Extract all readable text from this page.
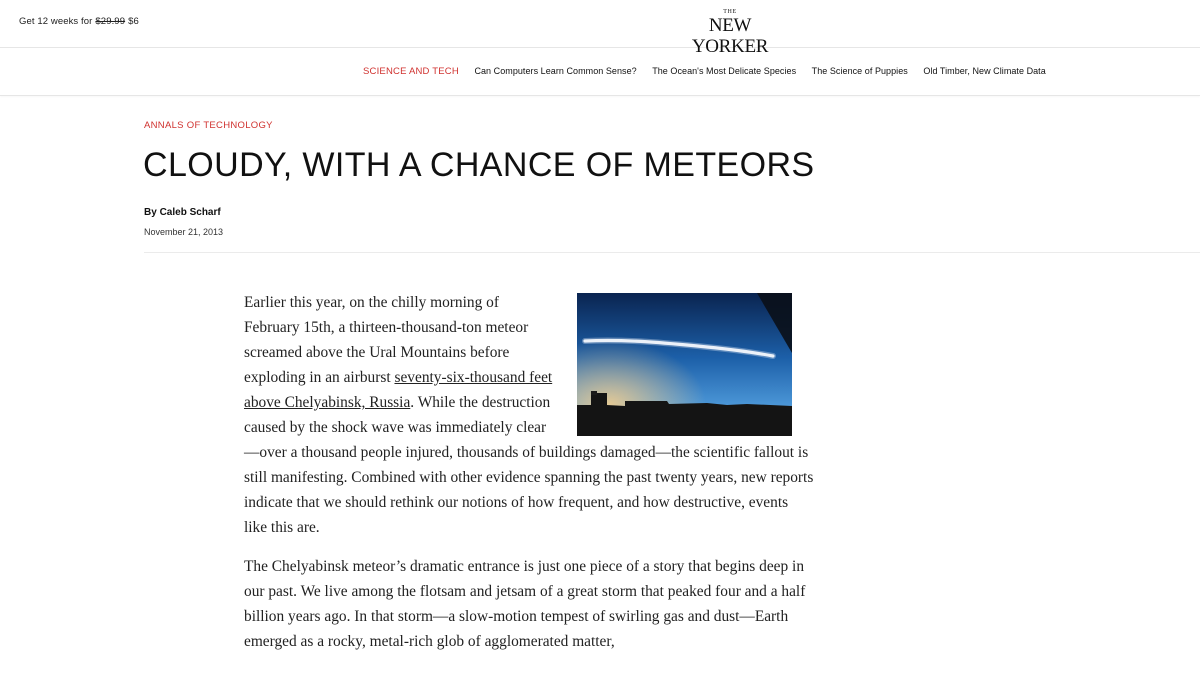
Get 12 weeks for $29.99 $6
THE
NEW YORKER
SCIENCE AND TECH Can Computers Learn Common Sense? The Ocean's Most Delicate Species The Science of Puppies Old Timber, New Climate Data
ANNALS OF TECHNOLOGY
CLOUDY, WITH A CHANCE OF METEORS
By Caleb Scharf
November 21, 2013

Earlier this year, on the chilly morning of February 15th, a thirteen-thousand-ton meteor screamed above the Ural Mountains before exploding in an airburst seventy-six-thousand feet above Chelyabinsk, Russia. While the destruction caused by the shock wave was immediately clear—over a thousand people injured, thousands of buildings damaged—the scientific fallout is still manifesting. Combined with other evidence spanning the past twenty years, new reports indicate that we should rethink our notions of how frequent, and how destructive, events like this are.

The Chelyabinsk meteor’s dramatic entrance is just one piece of a story that begins deep in our past. We live among the flotsam and jetsam of a great storm that peaked four and a half billion years ago. In that storm—a slow-motion tempest of swirling gas and dust—Earth emerged as a rocky, metal-rich glob of agglomerated matter,
